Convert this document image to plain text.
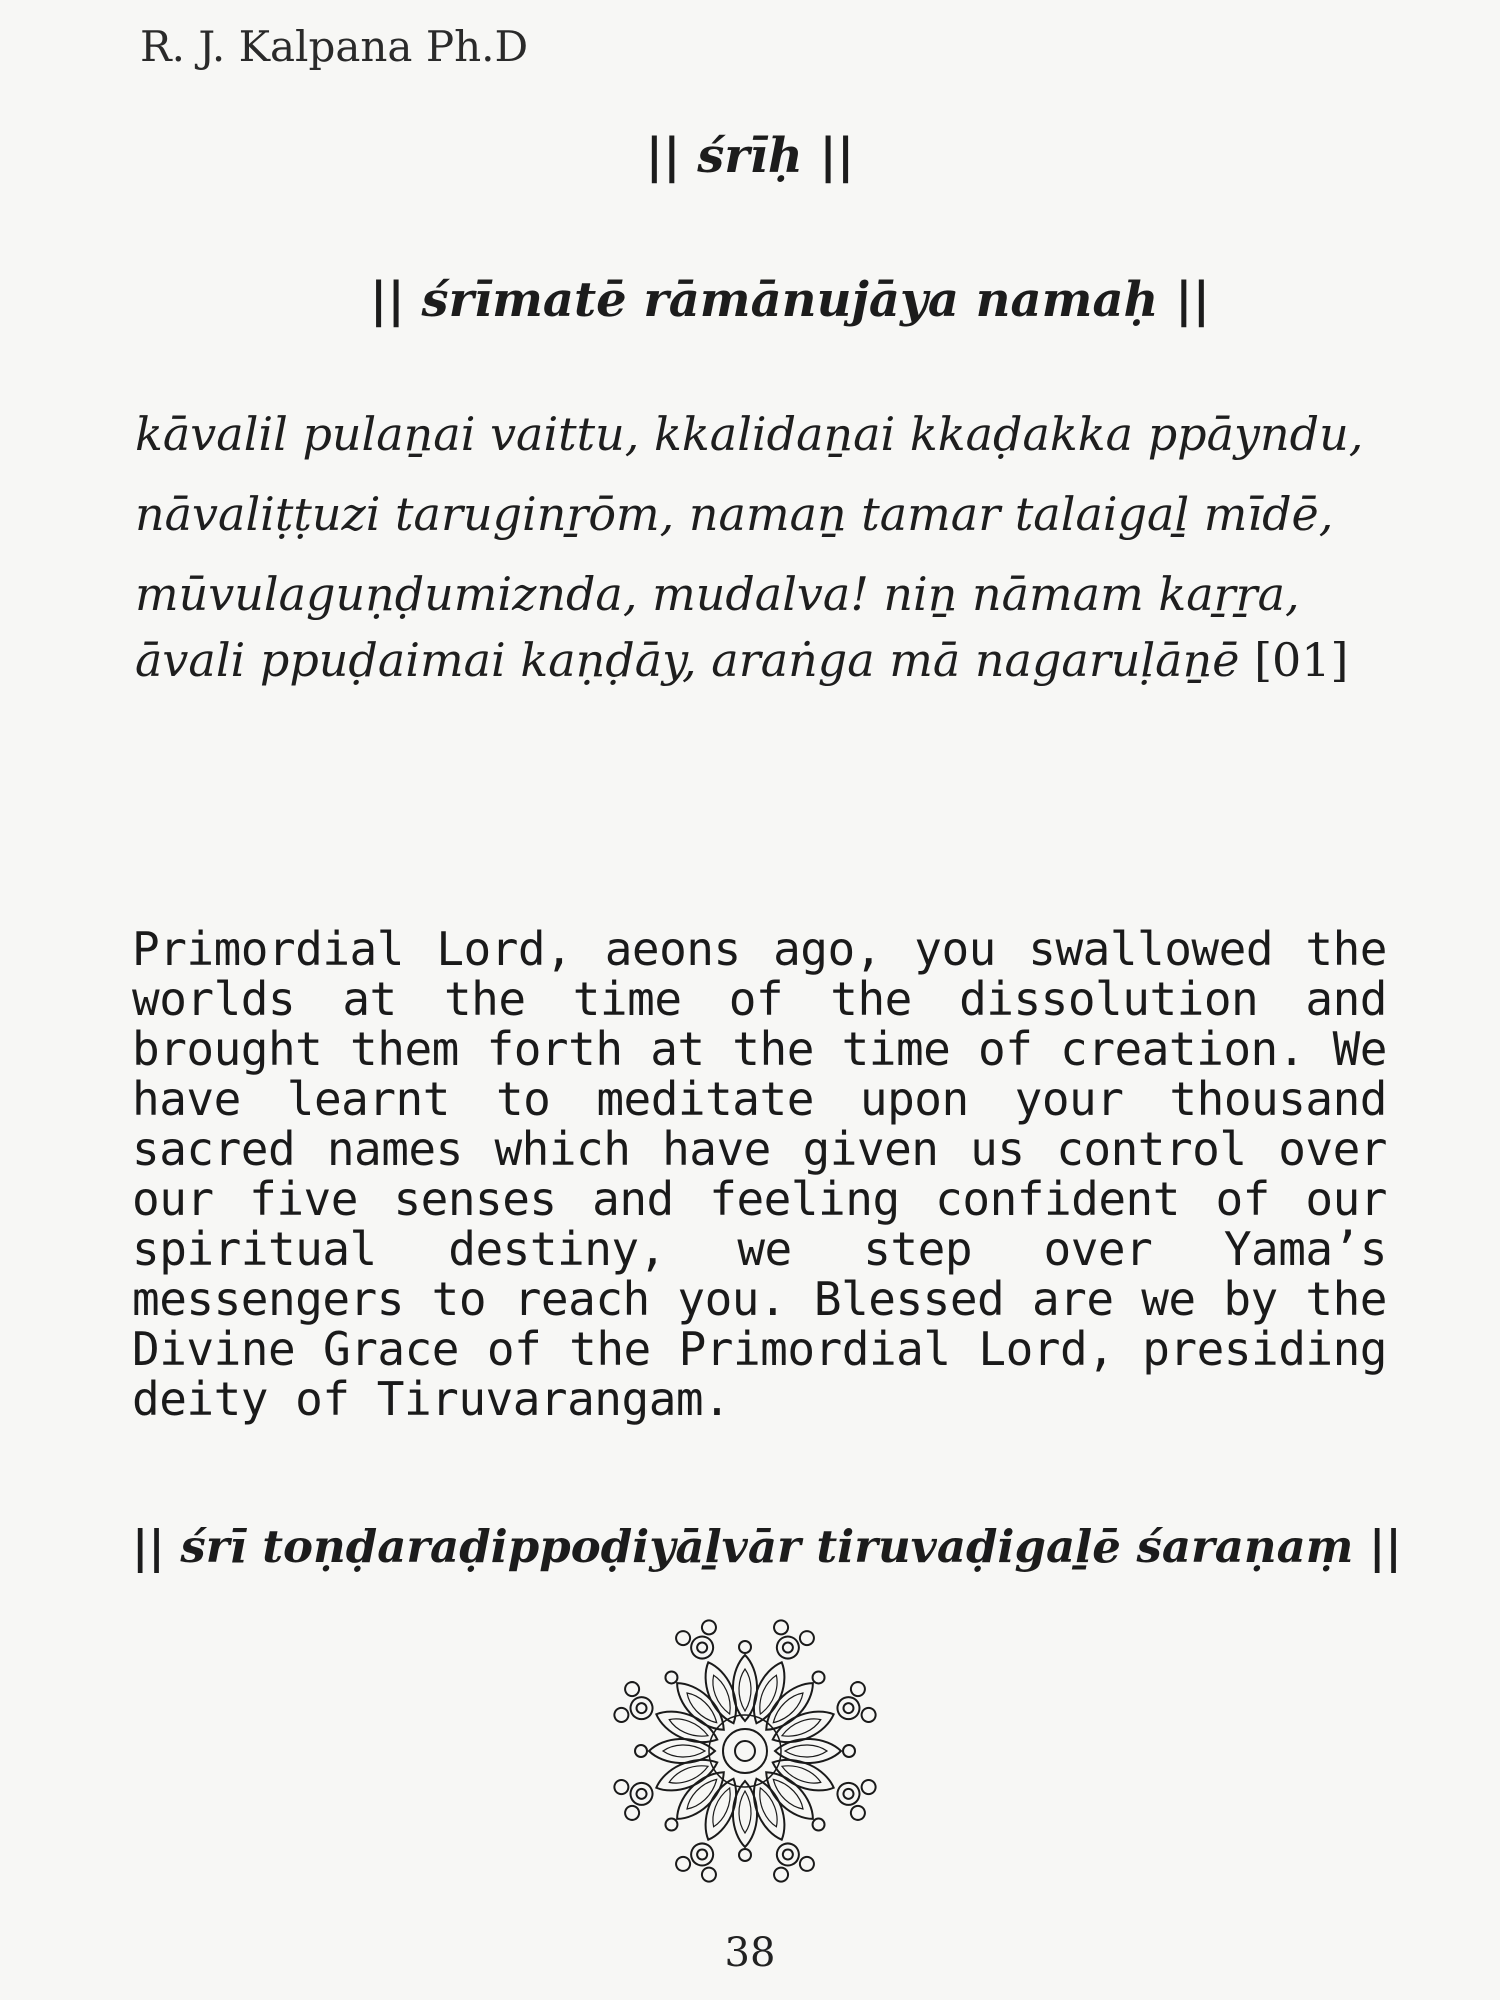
R. J. Kalpana Ph.D
|| śrīḥ ||
|| śrīmatē rāmānujāya namaḥ ||
kāvalil pulaṉai vaittu, kkalidaṉai kkaḍakka ppāyndu,
nāvaliṭṭuzi taruginṟōm, namaṉ tamar talaigaḻ mīdē,
mūvulaguṇḍumiznda, mudalva! niṉ nāmam kaṟṟa,
āvali ppuḍaimai kaṇḍāy, araṅga mā nagaruḷāṉē [01]
Primordial Lord, aeons ago, you swallowed the worlds at the time of the dissolution and brought them forth at the time of creation. We have learnt to meditate upon your thousand sacred names which have given us control over our five senses and feeling confident of our spiritual destiny, we step over Yama’s messengers to reach you. Blessed are we by the Divine Grace of the Primordial Lord, presiding deity of Tiruvarangam.
|| śrī toṇḍaraḍippoḍiyāḻvār tiruvaḍigaḻē śaraṇaṃ ||
38
